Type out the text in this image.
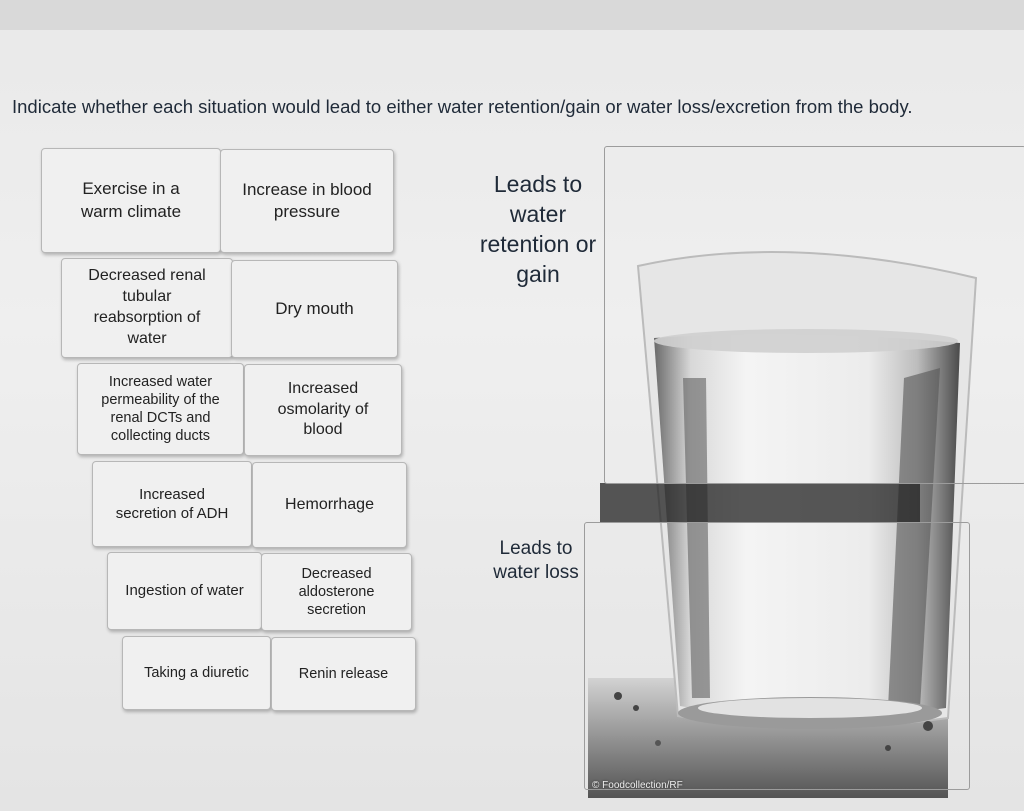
Indicate whether each situation would lead to either water retention/gain or water loss/excretion from the body.
Leads to
water
retention or
gain
Leads to
water loss
Exercise in a
warm climate
Increase in blood
pressure
Decreased renal
tubular
reabsorption of
water
Dry mouth
Increased water
permeability of the
renal DCTs and
collecting ducts
Increased
osmolarity of
blood
Increased
secretion of ADH
Hemorrhage
Ingestion of water
Decreased
aldosterone
secretion
Taking a diuretic	Renin release
© Foodcollection/RF
